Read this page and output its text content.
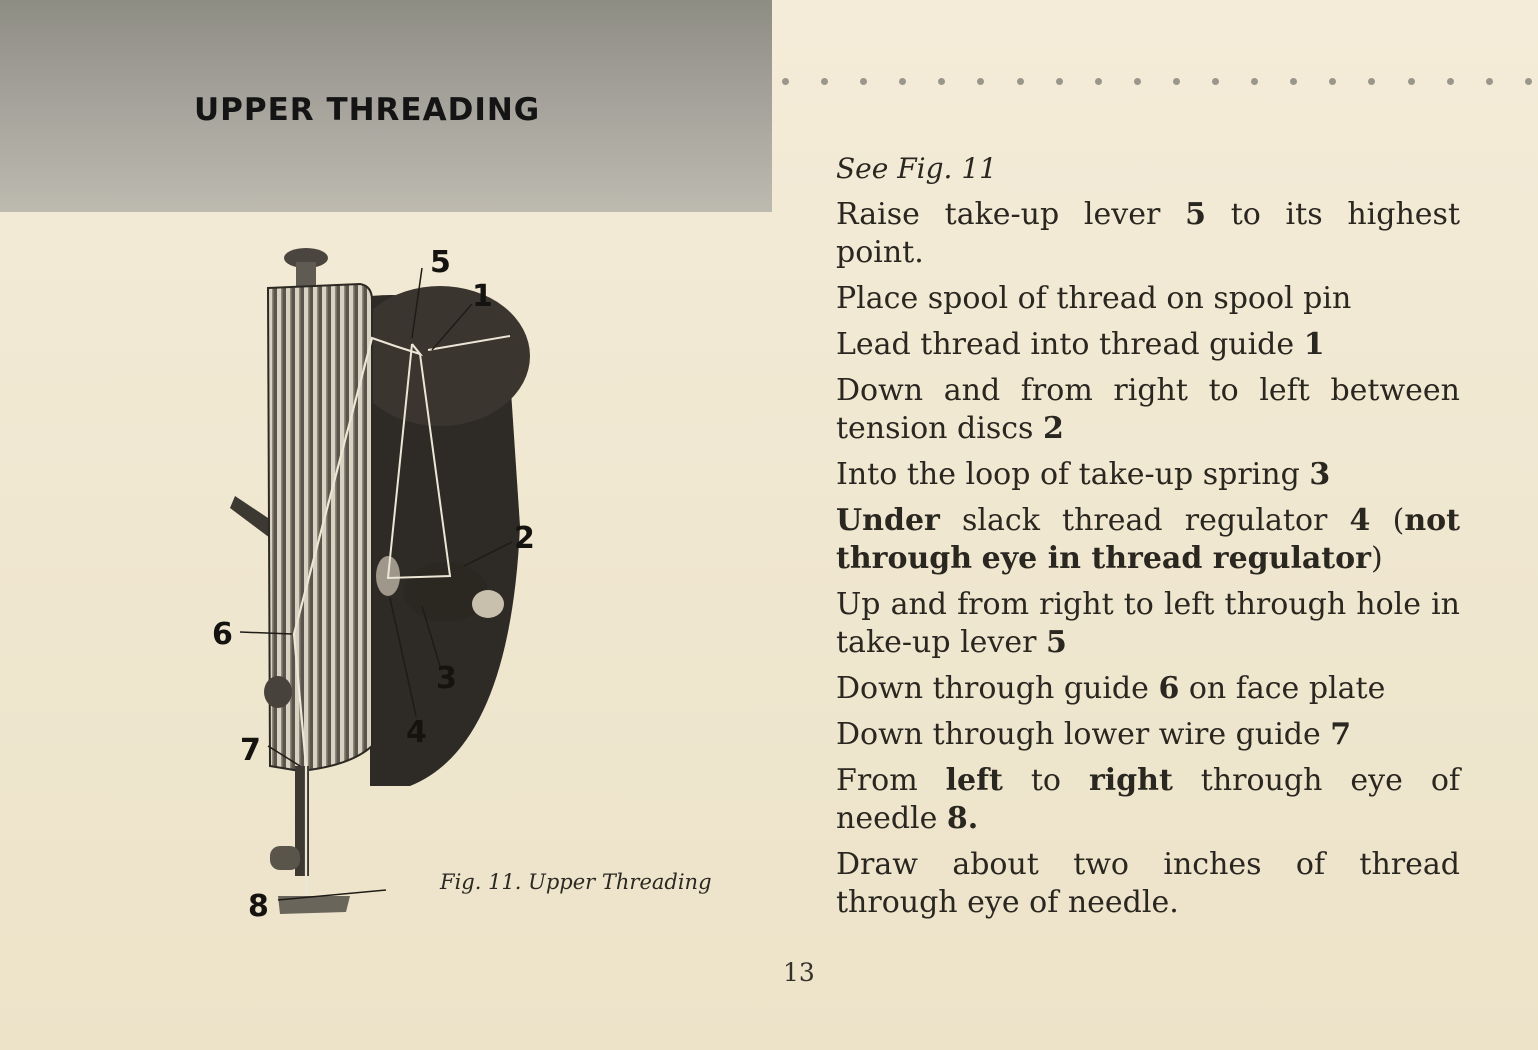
UPPER THREADING

5
1
2
6
3
4
7
8
Fig. 11. Upper Threading
See Fig. 11
Raise take-up lever 5 to its highest point.
Place spool of thread on spool pin
Lead thread into thread guide 1
Down and from right to left between tension discs 2
Into the loop of take-up spring 3
Under slack thread regulator 4 (not through eye in thread regulator)
Up and from right to left through hole in take-up lever 5
Down through guide 6 on face plate
Down through lower wire guide 7
From left to right through eye of needle 8.
Draw about two inches of thread through eye of needle.
13
